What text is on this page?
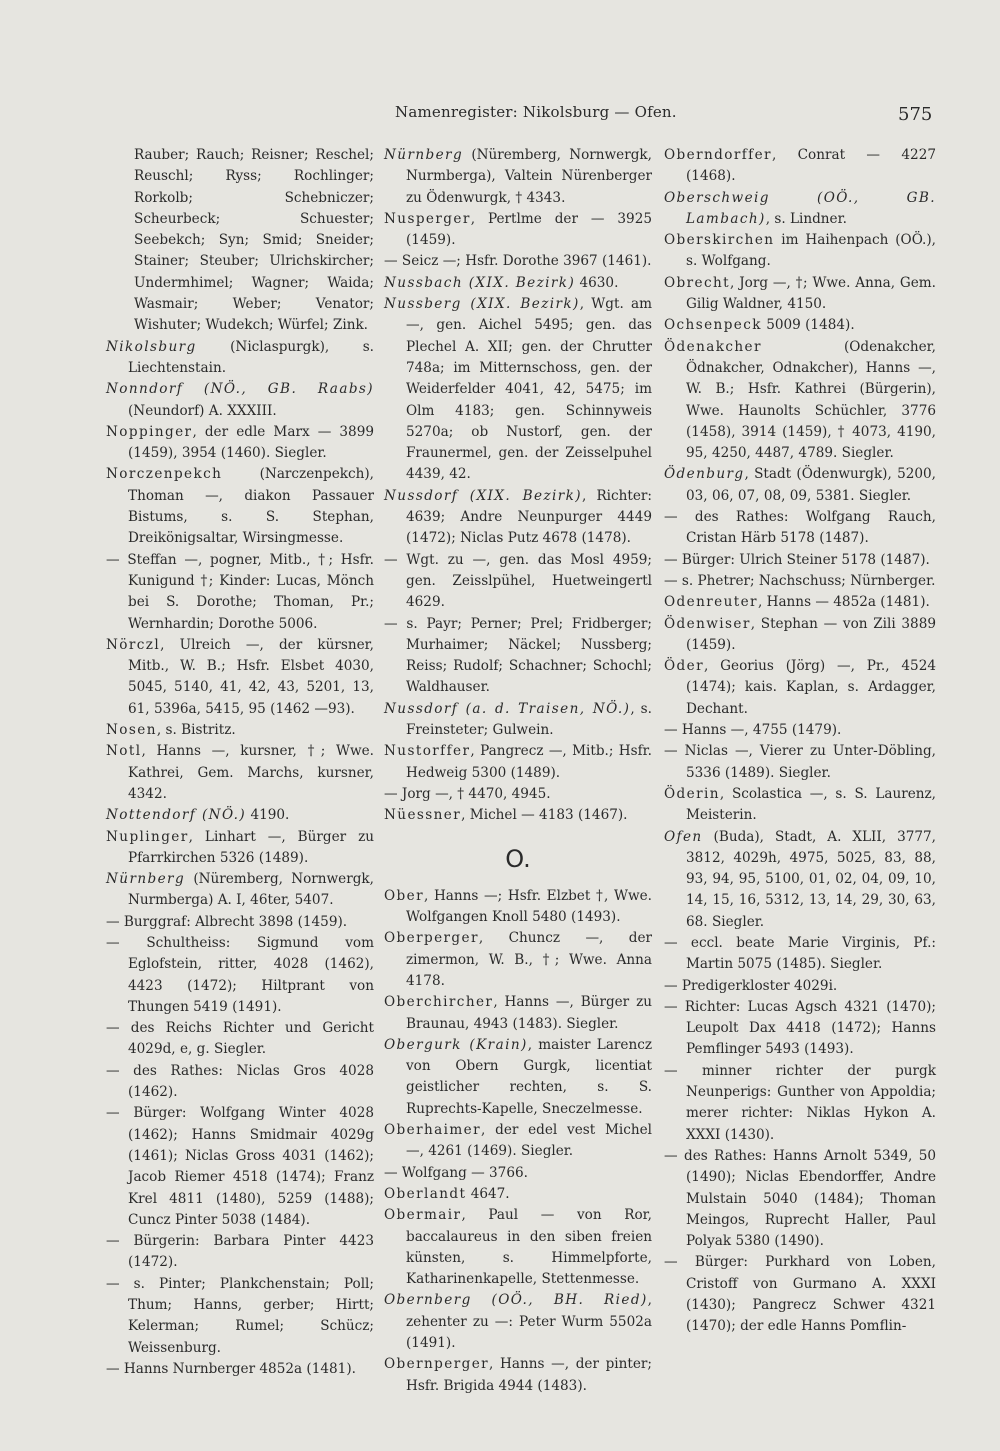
Namenregister: Nikolsburg — Ofen.	575

Rauber; Rauch; Reisner; Reschel; Reuschl; Ryss; Rochlinger; Rorkolb; Schebniczer; Scheurbeck; Schuester; Seebekch; Syn; Smid; Sneider; Stainer; Steuber; Ulrichskircher; Undermhimel; Wagner; Waida; Wasmair; Weber; Venator; Wishuter; Wudekch; Würfel; Zink.

Nikolsburg (Niclaspurgk), s. Liechtenstain.

Nonndorf (NÖ., GB. Raabs) (Neundorf) A. XXXIII.

Noppinger, der edle Marx — 3899 (1459), 3954 (1460). Siegler.

Norczenpekch (Narczenpekch), Thoman —, diakon Passauer Bistums, s. S. Stephan, Dreikönigsaltar, Wirsingmesse.

— Steffan —, pogner, Mitb., †; Hsfr. Kunigund †; Kinder: Lucas, Mönch bei S. Dorothe; Thoman, Pr.; Wernhardin; Dorothe 5006.

Nörczl, Ulreich —, der kürsner, Mitb., W. B.; Hsfr. Elsbet 4030, 5045, 5140, 41, 42, 43, 5201, 13, 61, 5396a, 5415, 95 (1462 —93).

Nosen, s. Bistritz.

Notl, Hanns —, kursner, †; Wwe. Kathrei, Gem. Marchs, kursner, 4342.

Nottendorf (NÖ.) 4190.

Nuplinger, Linhart —, Bürger zu Pfarrkirchen 5326 (1489).

Nürnberg (Nüremberg, Nornwergk, Nurmberga) A. I, 46ter, 5407.

— Burggraf: Albrecht 3898 (1459).

— Schultheiss: Sigmund vom Eglofstein, ritter, 4028 (1462), 4423 (1472); Hiltprant von Thungen 5419 (1491).

— des Reichs Richter und Gericht 4029d, e, g. Siegler.

— des Rathes: Niclas Gros 4028 (1462).

— Bürger: Wolfgang Winter 4028 (1462); Hanns Smidmair 4029g (1461); Niclas Gross 4031 (1462); Jacob Riemer 4518 (1474); Franz Krel 4811 (1480), 5259 (1488); Cuncz Pinter 5038 (1484).

— Bürgerin: Barbara Pinter 4423 (1472).

— s. Pinter; Plankchenstain; Poll; Thum; Hanns, gerber; Hirtt; Kelerman; Rumel; Schücz; Weissenburg.

— Hanns Nurnberger 4852a (1481).

Nürnberg (Nüremberg, Nornwergk, Nurmberga), Valtein Nürenberger zu Ödenwurgk, † 4343.

Nusperger, Pertlme der — 3925 (1459).

— Seicz —; Hsfr. Dorothe 3967 (1461).

Nussbach (XIX. Bezirk) 4630.

Nussberg (XIX. Bezirk), Wgt. am —, gen. Aichel 5495; gen. das Plechel A. XII; gen. der Chrutter 748a; im Mitternschoss, gen. der Weiderfelder 4041, 42, 5475; im Olm 4183; gen. Schinnyweis 5270a; ob Nustorf, gen. der Fraunermel, gen. der Zeisselpuhel 4439, 42.

Nussdorf (XIX. Bezirk), Richter: 4639; Andre Neunpurger 4449 (1472); Niclas Putz 4678 (1478).

— Wgt. zu —, gen. das Mosl 4959; gen. Zeisslpühel, Huetweingertl 4629.

— s. Payr; Perner; Prel; Fridberger; Murhaimer; Näckel; Nussberg; Reiss; Rudolf; Schachner; Schochl; Waldhauser.

Nussdorf (a. d. Traisen, NÖ.), s. Freinsteter; Gulwein.

Nustorffer, Pangrecz —, Mitb.; Hsfr. Hedweig 5300 (1489).

— Jorg —, † 4470, 4945.

Nüessner, Michel — 4183 (1467).

O.

Ober, Hanns —; Hsfr. Elzbet †, Wwe. Wolfgangen Knoll 5480 (1493).

Oberperger, Chuncz —, der zimermon, W. B., †; Wwe. Anna 4178.

Oberchircher, Hanns —, Bürger zu Braunau, 4943 (1483). Siegler.

Obergurk (Krain), maister Larencz von Obern Gurgk, licentiat geistlicher rechten, s. S. Ruprechts-Kapelle, Sneczelmesse.

Oberhaimer, der edel vest Michel —, 4261 (1469). Siegler.

— Wolfgang — 3766.

Oberlandt 4647.

Obermair, Paul — von Ror, baccalaureus in den siben freien künsten, s. Himmelpforte, Katharinenkapelle, Stettenmesse.

Obernberg (OÖ., BH. Ried), zehenter zu —: Peter Wurm 5502a (1491).

Obernperger, Hanns —, der pinter; Hsfr. Brigida 4944 (1483).

Oberndorffer, Conrat — 4227 (1468).

Oberschweig (OÖ., GB. Lambach), s. Lindner.

Oberskirchen im Haihenpach (OÖ.), s. Wolfgang.

Obrecht, Jorg —, †; Wwe. Anna, Gem. Gilig Waldner, 4150.

Ochsenpeck 5009 (1484).

Ödenakcher (Odenakcher, Ödnakcher, Odnakcher), Hanns —, W. B.; Hsfr. Kathrei (Bürgerin), Wwe. Haunolts Schüchler, 3776 (1458), 3914 (1459), † 4073, 4190, 95, 4250, 4487, 4789. Siegler.

Ödenburg, Stadt (Ödenwurgk), 5200, 03, 06, 07, 08, 09, 5381. Siegler.

— des Rathes: Wolfgang Rauch, Cristan Härb 5178 (1487).

— Bürger: Ulrich Steiner 5178 (1487).

— s. Phetrer; Nachschuss; Nürnberger.

Odenreuter, Hanns — 4852a (1481).

Ödenwiser, Stephan — von Zili 3889 (1459).

Öder, Georius (Jörg) —, Pr., 4524 (1474); kais. Kaplan, s. Ardagger, Dechant.

— Hanns —, 4755 (1479).

— Niclas —, Vierer zu Unter-Döbling, 5336 (1489). Siegler.

Öderin, Scolastica —, s. S. Laurenz, Meisterin.

Ofen (Buda), Stadt, A. XLII, 3777, 3812, 4029h, 4975, 5025, 83, 88, 93, 94, 95, 5100, 01, 02, 04, 09, 10, 14, 15, 16, 5312, 13, 14, 29, 30, 63, 68. Siegler.

— eccl. beate Marie Virginis, Pf.: Martin 5075 (1485). Siegler.

— Predigerkloster 4029i.

— Richter: Lucas Agsch 4321 (1470); Leupolt Dax 4418 (1472); Hanns Pemflinger 5493 (1493).

— minner richter der purgk Neunperigs: Gunther von Appoldia; merer richter: Niklas Hykon A. XXXI (1430).

— des Rathes: Hanns Arnolt 5349, 50 (1490); Niclas Ebendorffer, Andre Mulstain 5040 (1484); Thoman Meingos, Ruprecht Haller, Paul Polyak 5380 (1490).

— Bürger: Purkhard von Loben, Cristoff von Gurmano A. XXXI (1430); Pangrecz Schwer 4321 (1470); der edle Hanns Pomflin-
